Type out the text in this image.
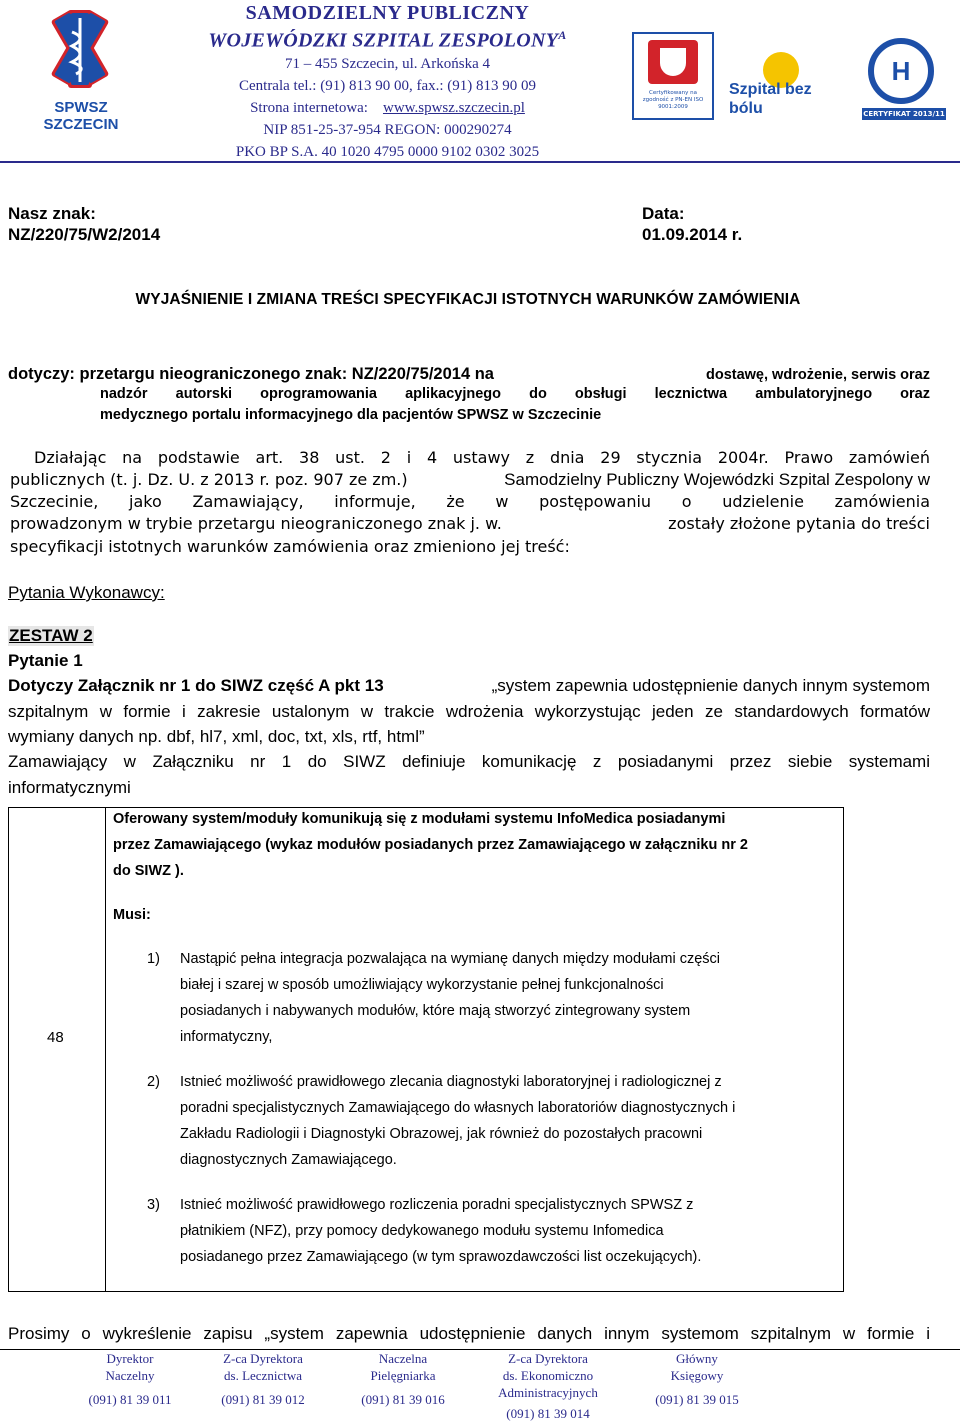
SPWSZ SZCZECIN
SAMODZIELNY PUBLICZNY
WOJEWÓDZKI SZPITAL $ZESPOLONY^A$
71 – 455 Szczecin, ul. Arkońska 4
Centrala tel.: (91) 813 90 00, fax.: (91) 813 90 09
Strona internetowa: www.spwsz.szczecin.pl
NIP 851-25-37-954 REGON: 000290274
PKO BP S.A. 40 1020 4795 0000 9102 0302 3025
Certyfikowany na zgodność z PN-EN ISO 9001:2009
Szpital bez bólu
H
CERTYFIKAT 2013/11
Nasz znak:
NZ/220/75/W2/2014
Data:
01.09.2014 r.
WYJAŚNIENIE I ZMIANA TREŚCI SPECYFIKACJI ISTOTNYCH WARUNKÓW ZAMÓWIENIA
dotyczy: przetargu nieograniczonego znak: NZ/220/75/2014 na	dostawę, wdrożenie, serwis oraz
nadzór autorski oprogramowania aplikacyjnego do obsługi lecznictwa ambulatoryjnego oraz
medycznego portalu informacyjnego dla pacjentów SPWSZ w Szczecinie
Działając na podstawie art. 38 ust. 2 i 4 ustawy z dnia 29 stycznia 2004r. Prawo zamówień
publicznych (t. j. Dz. U. z 2013 r. poz. 907 ze zm.)	Samodzielny Publiczny Wojewódzki Szpital Zespolony w
Szczecinie, jako Zamawiający, informuje, że w postępowaniu o udzielenie zamówienia
prowadzonym w trybie przetargu nieograniczonego znak j. w.	zostały złożone pytania do treści
specyfikacji istotnych warunków zamówienia oraz zmieniono jej treść:
Pytania Wykonawcy:
ZESTAW 2
Pytanie 1
Dotyczy Załącznik nr 1 do SIWZ część A pkt 13	„system zapewnia udostępnienie danych innym systemom
szpitalnym w formie i zakresie ustalonym w trakcie wdrożenia wykorzystując jeden ze standardowych formatów
wymiany danych np. dbf, hl7, xml, doc, txt, xls, rtf, html”
Zamawiający w Załączniku nr 1 do SIWZ definiuje komunikację z posiadanymi przez siebie systemami
informatycznymi
48
Oferowany system/moduły komunikują się z modułami systemu InfoMedica posiadanymi
przez Zamawiającego (wykaz modułów posiadanych przez Zamawiającego w załączniku nr 2
do SIWZ ).
Musi:
1) Nastąpić pełna integracja pozwalająca na wymianę danych między modułami części
białej i szarej w sposób umożliwiający wykorzystanie pełnej funkcjonalności
posiadanych i nabywanych modułów, które mają stworzyć zintegrowany system
informatyczny,
2) Istnieć możliwość prawidłowego zlecania diagnostyki laboratoryjnej i radiologicznej z
poradni specjalistycznych Zamawiającego do własnych laboratoriów diagnostycznych i
Zakładu Radiologii i Diagnostyki Obrazowej, jak również do pozostałych pracowni
diagnostycznych Zamawiającego.
3) Istnieć możliwość prawidłowego rozliczenia poradni specjalistycznych SPWSZ z
płatnikiem (NFZ), przy pomocy dedykowanego modułu systemu Infomedica
posiadanego przez Zamawiającego (w tym sprawozdawczości list oczekujących).
Prosimy o wykreślenie zapisu „system zapewnia udostępnienie danych innym systemom szpitalnym w formie i
Dyrektor
Naczelny
(091) 81 39 011
Z-ca Dyrektora
ds. Lecznictwa
(091) 81 39 012
Naczelna
Pielęgniarka
(091) 81 39 016
Z-ca Dyrektora
ds. Ekonomiczno
Administracyjnych
(091) 81 39 014
Główny
Księgowy
(091) 81 39 015
